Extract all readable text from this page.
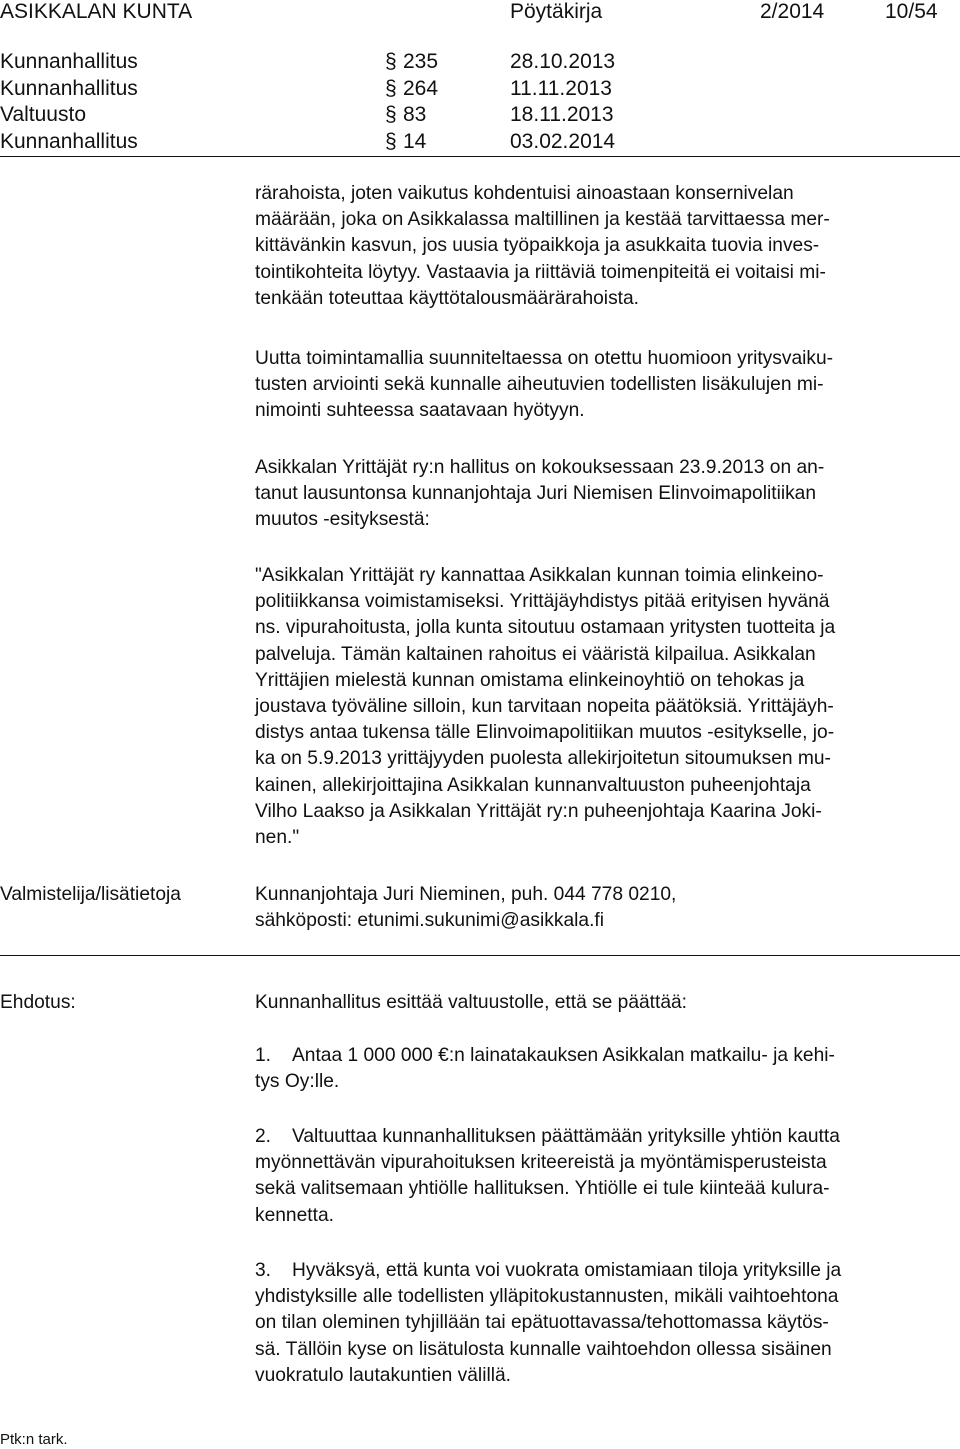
ASIKKALAN KUNTA	Pöytäkirja	2/2014	10/54
Kunnanhallitus	§ 235	28.10.2013
Kunnanhallitus	§ 264	11.11.2013
Valtuusto	§ 83	18.11.2013
Kunnanhallitus	§ 14	03.02.2014
rärahoista, joten vaikutus kohdentuisi ainoastaan konsernivelan
määrään, joka on Asikkalassa maltillinen ja kestää tarvittaessa mer-
kittävänkin kasvun, jos uusia työpaikkoja ja asukkaita tuovia inves-
tointikohteita löytyy. Vastaavia ja riittäviä toimenpiteitä ei voitaisi mi-
tenkään toteuttaa käyttötalousmäärärahoista.
Uutta toimintamallia suunniteltaessa on otettu huomioon yritysvaiku-
tusten arviointi sekä kunnalle aiheutuvien todellisten lisäkulujen mi-
nimointi suhteessa saatavaan hyötyyn.
Asikkalan Yrittäjät ry:n hallitus on kokouksessaan 23.9.2013 on an-
tanut lausuntonsa kunnanjohtaja Juri Niemisen Elinvoimapolitiikan
muutos -esityksestä:
"Asikkalan Yrittäjät ry kannattaa Asikkalan kunnan toimia elinkeino-
politiikkansa voimistamiseksi. Yrittäjäyhdistys pitää erityisen hyvänä
ns. vipurahoitusta, jolla kunta sitoutuu ostamaan yritysten tuotteita ja
palveluja. Tämän kaltainen rahoitus ei vääristä kilpailua. Asikkalan
Yrittäjien mielestä kunnan omistama elinkeinoyhtiö on tehokas ja
joustava työväline silloin, kun tarvitaan nopeita päätöksiä. Yrittäjäyh-
distys antaa tukensa tälle Elinvoimapolitiikan muutos -esitykselle, jo-
ka on 5.9.2013 yrittäjyyden puolesta allekirjoitetun sitoumuksen mu-
kainen, allekirjoittajina Asikkalan kunnanvaltuuston puheenjohtaja
Vilho Laakso ja Asikkalan Yrittäjät ry:n puheenjohtaja Kaarina Joki-
nen."
Valmistelija/lisätietoja	Kunnanjohtaja Juri Nieminen, puh. 044 778 0210,
sähköposti: etunimi.sukunimi@asikkala.fi
Ehdotus:	Kunnanhallitus esittää valtuustolle, että se päättää:
1. Antaa 1 000 000 €:n lainatakauksen Asikkalan matkailu- ja kehi-
tys Oy:lle.
2. Valtuuttaa kunnanhallituksen päättämään yrityksille yhtiön kautta
myönnettävän vipurahoituksen kriteereistä ja myöntämisperusteista
sekä valitsemaan yhtiölle hallituksen. Yhtiölle ei tule kiinteää kulura-
kennetta.
3. Hyväksyä, että kunta voi vuokrata omistamiaan tiloja yrityksille ja
yhdistyksille alle todellisten ylläpitokustannusten, mikäli vaihtoehtona
on tilan oleminen tyhjillään tai epätuottavassa/tehottomassa käytös-
sä. Tällöin kyse on lisätulosta kunnalle vaihtoehdon ollessa sisäinen
vuokratulo lautakuntien välillä.
Ptk:n tark.
